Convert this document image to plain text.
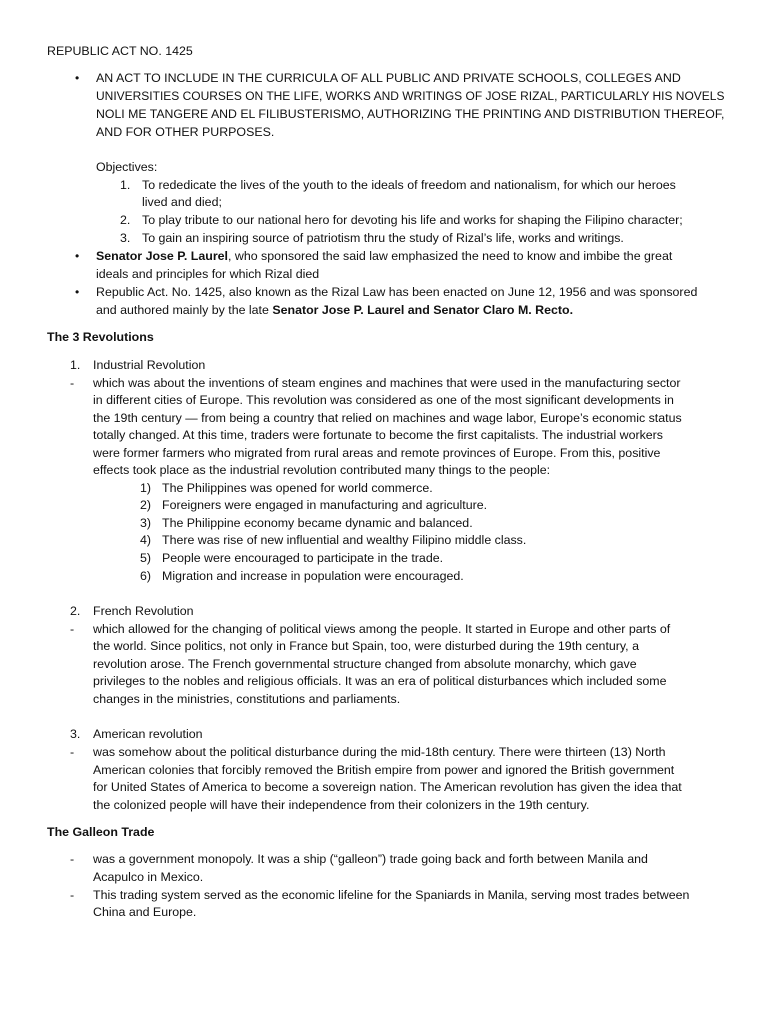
REPUBLIC ACT NO. 1425
• AN ACT TO INCLUDE IN THE CURRICULA OF ALL PUBLIC AND PRIVATE SCHOOLS, COLLEGES AND
UNIVERSITIES COURSES ON THE LIFE, WORKS AND WRITINGS OF JOSE RIZAL, PARTICULARLY HIS NOVELS
NOLI ME TANGERE AND EL FILIBUSTERISMO, AUTHORIZING THE PRINTING AND DISTRIBUTION THEREOF,
AND FOR OTHER PURPOSES.
Objectives:
1. To rededicate the lives of the youth to the ideals of freedom and nationalism, for which our heroes
lived and died;
2. To play tribute to our national hero for devoting his life and works for shaping the Filipino character;
3. To gain an inspiring source of patriotism thru the study of Rizal’s life, works and writings.
• Senator Jose P. Laurel, who sponsored the said law emphasized the need to know and imbibe the great
ideals and principles for which Rizal died
• Republic Act. No. 1425, also known as the Rizal Law has been enacted on June 12, 1956 and was sponsored
and authored mainly by the late Senator Jose P. Laurel and Senator Claro M. Recto.
The 3 Revolutions
1. Industrial Revolution
- which was about the inventions of steam engines and machines that were used in the manufacturing sector
in different cities of Europe. This revolution was considered as one of the most significant developments in
the 19th century — from being a country that relied on machines and wage labor, Europe’s economic status
totally changed. At this time, traders were fortunate to become the first capitalists. The industrial workers
were former farmers who migrated from rural areas and remote provinces of Europe. From this, positive
effects took place as the industrial revolution contributed many things to the people:
1) The Philippines was opened for world commerce.
2) Foreigners were engaged in manufacturing and agriculture.
3) The Philippine economy became dynamic and balanced.
4) There was rise of new influential and wealthy Filipino middle class.
5) People were encouraged to participate in the trade.
6) Migration and increase in population were encouraged.
2. French Revolution
- which allowed for the changing of political views among the people. It started in Europe and other parts of
the world. Since politics, not only in France but Spain, too, were disturbed during the 19th century, a
revolution arose. The French governmental structure changed from absolute monarchy, which gave
privileges to the nobles and religious officials. It was an era of political disturbances which included some
changes in the ministries, constitutions and parliaments.
3. American revolution
- was somehow about the political disturbance during the mid-18th century. There were thirteen (13) North
American colonies that forcibly removed the British empire from power and ignored the British government
for United States of America to become a sovereign nation. The American revolution has given the idea that
the colonized people will have their independence from their colonizers in the 19th century.
The Galleon Trade
- was a government monopoly. It was a ship (“galleon”) trade going back and forth between Manila and
Acapulco in Mexico.
- This trading system served as the economic lifeline for the Spaniards in Manila, serving most trades between
China and Europe.
